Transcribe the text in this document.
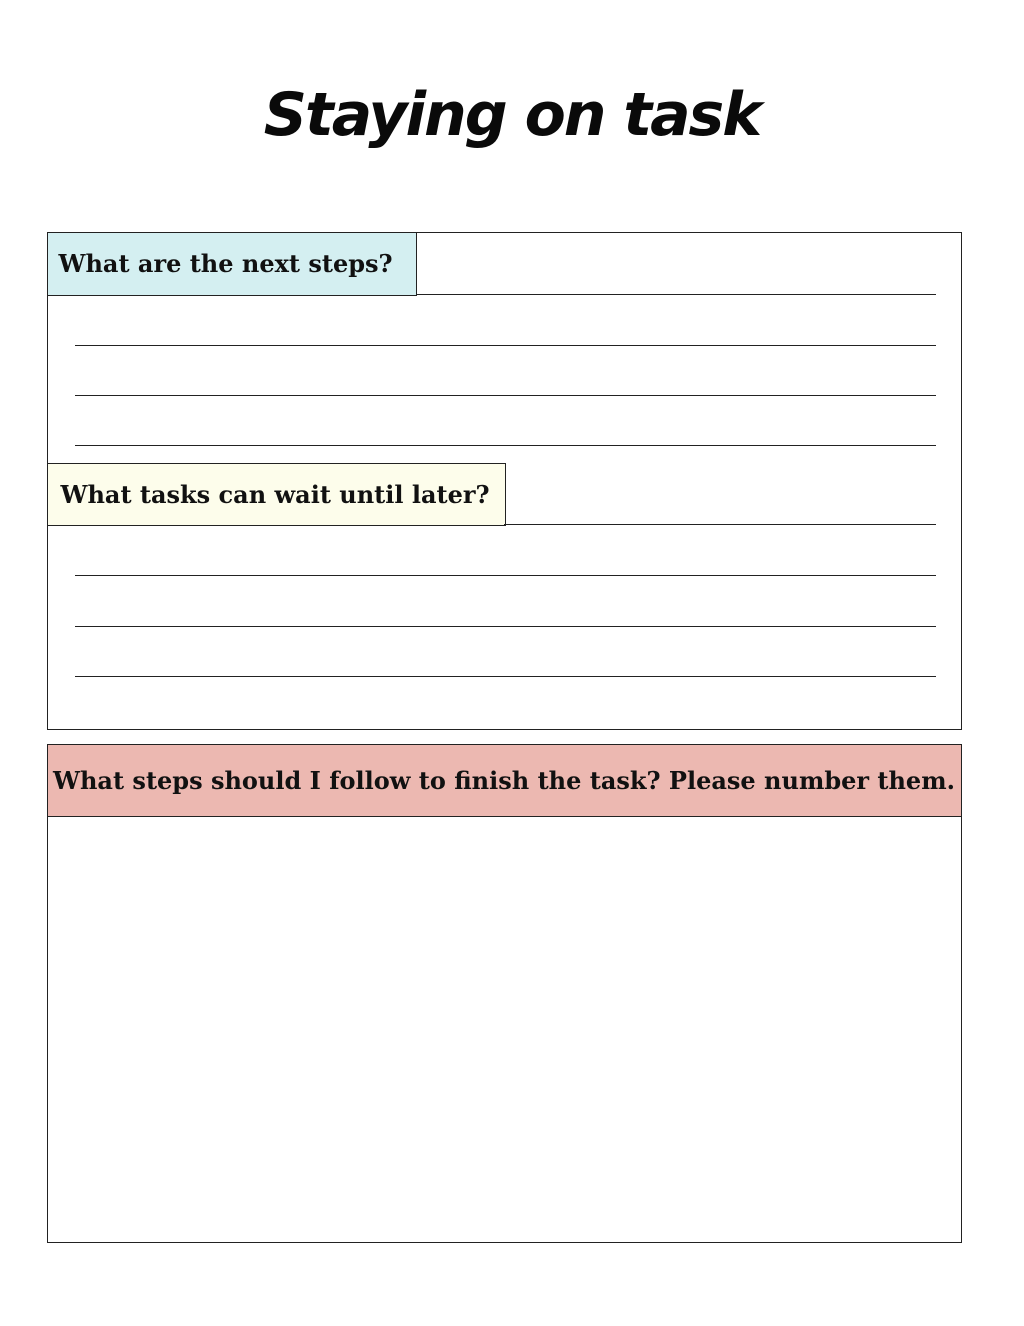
Staying on task
What are the next steps?
What tasks can wait until later?
What steps should I follow to finish the task? Please number them.
